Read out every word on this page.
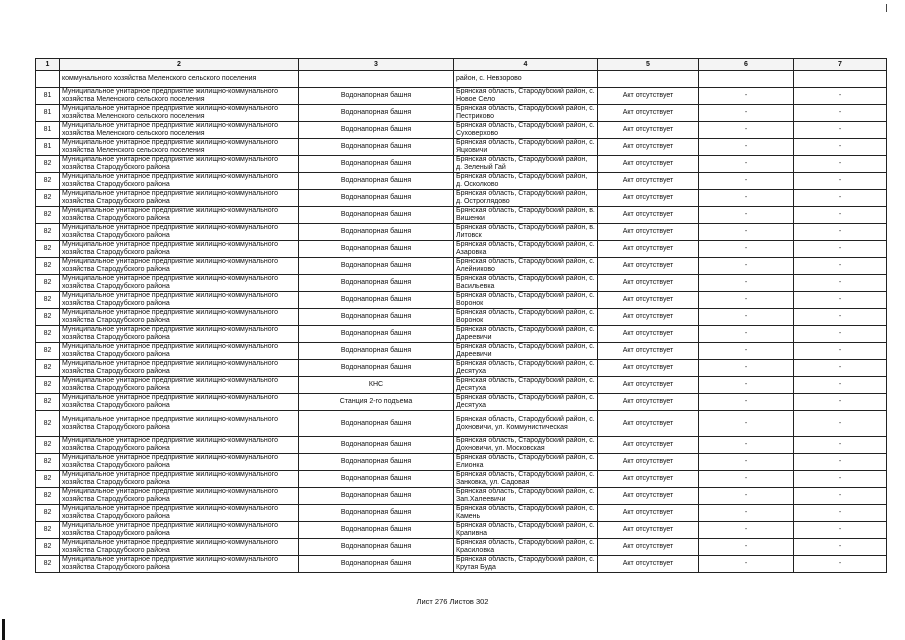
1	2	3	4	5	6	7
	коммунального хозяйства Меленского сельского поселения		район, с. Невзорово			
81	Муниципальное унитарное предприятие жилищно-коммунального хозяйства Меленского сельского поселения	Водонапорная башня	Брянская область, Стародубский район, с. Новое Село	Акт отсутствует	-	-
81	Муниципальное унитарное предприятие жилищно-коммунального хозяйства Меленского сельского поселения	Водонапорная башня	Брянская область, Стародубский район, с. Пестриково	Акт отсутствует	-	-
81	Муниципальное унитарное предприятие жилищно-коммунального хозяйства Меленского сельского поселения	Водонапорная башня	Брянская область, Стародубский район, с. Суховерхово	Акт отсутствует	-	-
81	Муниципальное унитарное предприятие жилищно-коммунального хозяйства Меленского сельского поселения	Водонапорная башня	Брянская область, Стародубский район, с. Яцковичи	Акт отсутствует	-	-
82	Муниципальное унитарное предприятие жилищно-коммунального хозяйства Стародубского района	Водонапорная башня	Брянская область, Стародубский район, д. Зеленый Гай	Акт отсутствует	-	-
82	Муниципальное унитарное предприятие жилищно-коммунального хозяйства Стародубского района	Водонапорная башня	Брянская область, Стародубский район, д. Осколково	Акт отсутствует	-	-
82	Муниципальное унитарное предприятие жилищно-коммунального хозяйства Стародубского района	Водонапорная башня	Брянская область, Стародубский район, д. Остроглядово	Акт отсутствует	-	-
82	Муниципальное унитарное предприятие жилищно-коммунального хозяйства Стародубского района	Водонапорная башня	Брянская область, Стародубский район, в. Вишенки	Акт отсутствует	-	-
82	Муниципальное унитарное предприятие жилищно-коммунального хозяйства Стародубского района	Водонапорная башня	Брянская область, Стародубский район, в. Литовск	Акт отсутствует	-	-
82	Муниципальное унитарное предприятие жилищно-коммунального хозяйства Стародубского района	Водонапорная башня	Брянская область, Стародубский район, с. Азаровка	Акт отсутствует	-	-
82	Муниципальное унитарное предприятие жилищно-коммунального хозяйства Стародубского района	Водонапорная башня	Брянская область, Стародубский район, с. Алейниково	Акт отсутствует	-	-
82	Муниципальное унитарное предприятие жилищно-коммунального хозяйства Стародубского района	Водонапорная башня	Брянская область, Стародубский район, с. Васильевка	Акт отсутствует	-	-
82	Муниципальное унитарное предприятие жилищно-коммунального хозяйства Стародубского района	Водонапорная башня	Брянская область, Стародубский район, с. Воронок	Акт отсутствует	-	-
82	Муниципальное унитарное предприятие жилищно-коммунального хозяйства Стародубского района	Водонапорная башня	Брянская область, Стародубский район, с. Воронок	Акт отсутствует	-	-
82	Муниципальное унитарное предприятие жилищно-коммунального хозяйства Стародубского района	Водонапорная башня	Брянская область, Стародубский район, с. Дареевичи	Акт отсутствует	-	-
82	Муниципальное унитарное предприятие жилищно-коммунального хозяйства Стародубского района	Водонапорная башня	Брянская область, Стародубский район, с. Дареевичи	Акт отсутствует	-	-
82	Муниципальное унитарное предприятие жилищно-коммунального хозяйства Стародубского района	Водонапорная башня	Брянская область, Стародубский район, с. Десятуха	Акт отсутствует	-	-
82	Муниципальное унитарное предприятие жилищно-коммунального хозяйства Стародубского района	КНС	Брянская область, Стародубский район, с. Десятуха	Акт отсутствует	-	-
82	Муниципальное унитарное предприятие жилищно-коммунального хозяйства Стародубского района	Станция 2-го подъема	Брянская область, Стародубский район, с. Десятуха	Акт отсутствует	-	-
82	Муниципальное унитарное предприятие жилищно-коммунального хозяйства Стародубского района	Водонапорная башня	Брянская область, Стародубский район, с. Дохновичи, ул. Коммунистическая	Акт отсутствует	-	-
82	Муниципальное унитарное предприятие жилищно-коммунального хозяйства Стародубского района	Водонапорная башня	Брянская область, Стародубский район, с. Дохновичи, ул. Московская	Акт отсутствует	-	-
82	Муниципальное унитарное предприятие жилищно-коммунального хозяйства Стародубского района	Водонапорная башня	Брянская область, Стародубский район, с. Елионка	Акт отсутствует	-	-
82	Муниципальное унитарное предприятие жилищно-коммунального хозяйства Стародубского района	Водонапорная башня	Брянская область, Стародубский район, с. Занковка, ул. Садовая	Акт отсутствует	-	-
82	Муниципальное унитарное предприятие жилищно-коммунального хозяйства Стародубского района	Водонапорная башня	Брянская область, Стародубский район, с. Зап.Халеевичи	Акт отсутствует	-	-
82	Муниципальное унитарное предприятие жилищно-коммунального хозяйства Стародубского района	Водонапорная башня	Брянская область, Стародубский район, с. Камень	Акт отсутствует	-	-
82	Муниципальное унитарное предприятие жилищно-коммунального хозяйства Стародубского района	Водонапорная башня	Брянская область, Стародубский район, с. Крапивна	Акт отсутствует	-	-
82	Муниципальное унитарное предприятие жилищно-коммунального хозяйства Стародубского района	Водонапорная башня	Брянская область, Стародубский район, с. Красиловка	Акт отсутствует	-	-
82	Муниципальное унитарное предприятие жилищно-коммунального хозяйства Стародубского района	Водонапорная башня	Брянская область, Стародубский район, с. Крутая Буда	Акт отсутствует	-	-
Лист 276 Листов 302
